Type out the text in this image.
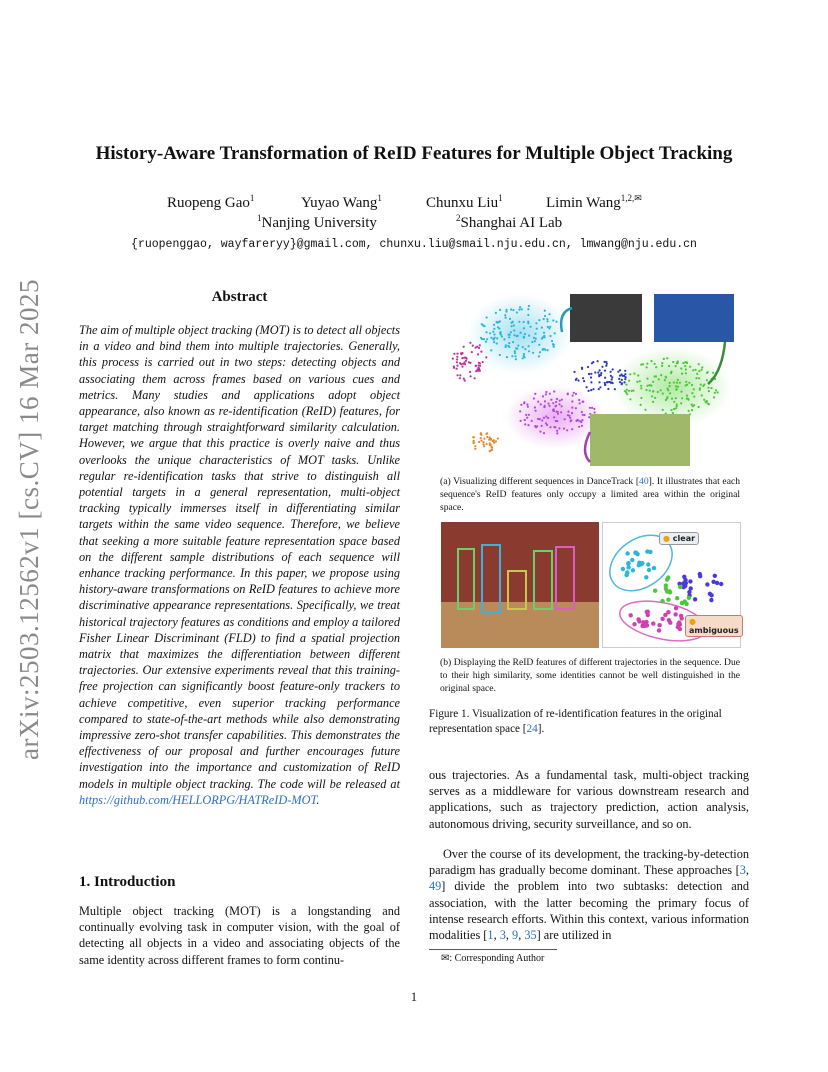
History-Aware Transformation of ReID Features for Multiple Object Tracking
Ruopeng Gao$^1$	Yuyao Wang$^1$	Chunxu Liu$^1$	Limin Wang$^{1,2,✉}$
$^1$Nanjing University	$^2$Shanghai AI Lab
{ruopenggao, wayfareryy}@gmail.com, chunxu.liu@smail.nju.edu.cn, lmwang@nju.edu.cn
arXiv:2503.12562v1 [cs.CV] 16 Mar 2025	Abstract
The aim of multiple object tracking (MOT) is to detect all objects in a video and bind them into multiple trajectories. Generally, this process is carried out in two steps: detecting objects and associating them across frames based on various cues and metrics. Many studies and applications adopt object appearance, also known as re-identification (ReID) features, for target matching through straightforward similarity calculation. However, we argue that this practice is overly naive and thus overlooks the unique characteristics of MOT tasks. Unlike regular re-identification tasks that strive to distinguish all potential targets in a general representation, multi-object tracking typically immerses itself in differentiating similar targets within the same video sequence. Therefore, we believe that seeking a more suitable feature representation space based on the different sample distributions of each sequence will enhance tracking performance. In this paper, we propose using history-aware transformations on ReID features to achieve more discriminative appearance representations. Specifically, we treat historical trajectory features as conditions and employ a tailored Fisher Linear Discriminant (FLD) to find a spatial projection matrix that maximizes the differentiation between different trajectories. Our extensive experiments reveal that this training-free projection can significantly boost feature-only trackers to achieve competitive, even superior tracking performance compared to state-of-the-art methods while also demonstrating impressive zero-shot transfer capabilities. This demonstrates the effectiveness of our proposal and further encourages future investigation into the importance and customization of ReID models in multiple object tracking. The code will be released at https://github.com/HELLORPG/HATReID-MOT.
1. Introduction
Multiple object tracking (MOT) is a longstanding and continually evolving task in computer vision, with the goal of detecting all objects in a video and associating objects of the same identity across different frames to form continu-
(a) Visualizing different sequences in DanceTrack [40]. It illustrates that each sequence's ReID features only occupy a limited area within the original space.
● clear
● ambiguous
(b) Displaying the ReID features of different trajectories in the sequence. Due to their high similarity, some identities cannot be well distinguished in the original space.
Figure 1. Visualization of re-identification features in the original representation space [24].
ous trajectories. As a fundamental task, multi-object tracking serves as a middleware for various downstream research and applications, such as trajectory prediction, action analysis, autonomous driving, security surveillance, and so on.
Over the course of its development, the tracking-by-detection paradigm has gradually become dominant. These approaches [3, 49] divide the problem into two subtasks: detection and association, with the latter becoming the primary focus of intense research efforts. Within this context, various information modalities [1, 3, 9, 35] are utilized in
✉: Corresponding Author
1
